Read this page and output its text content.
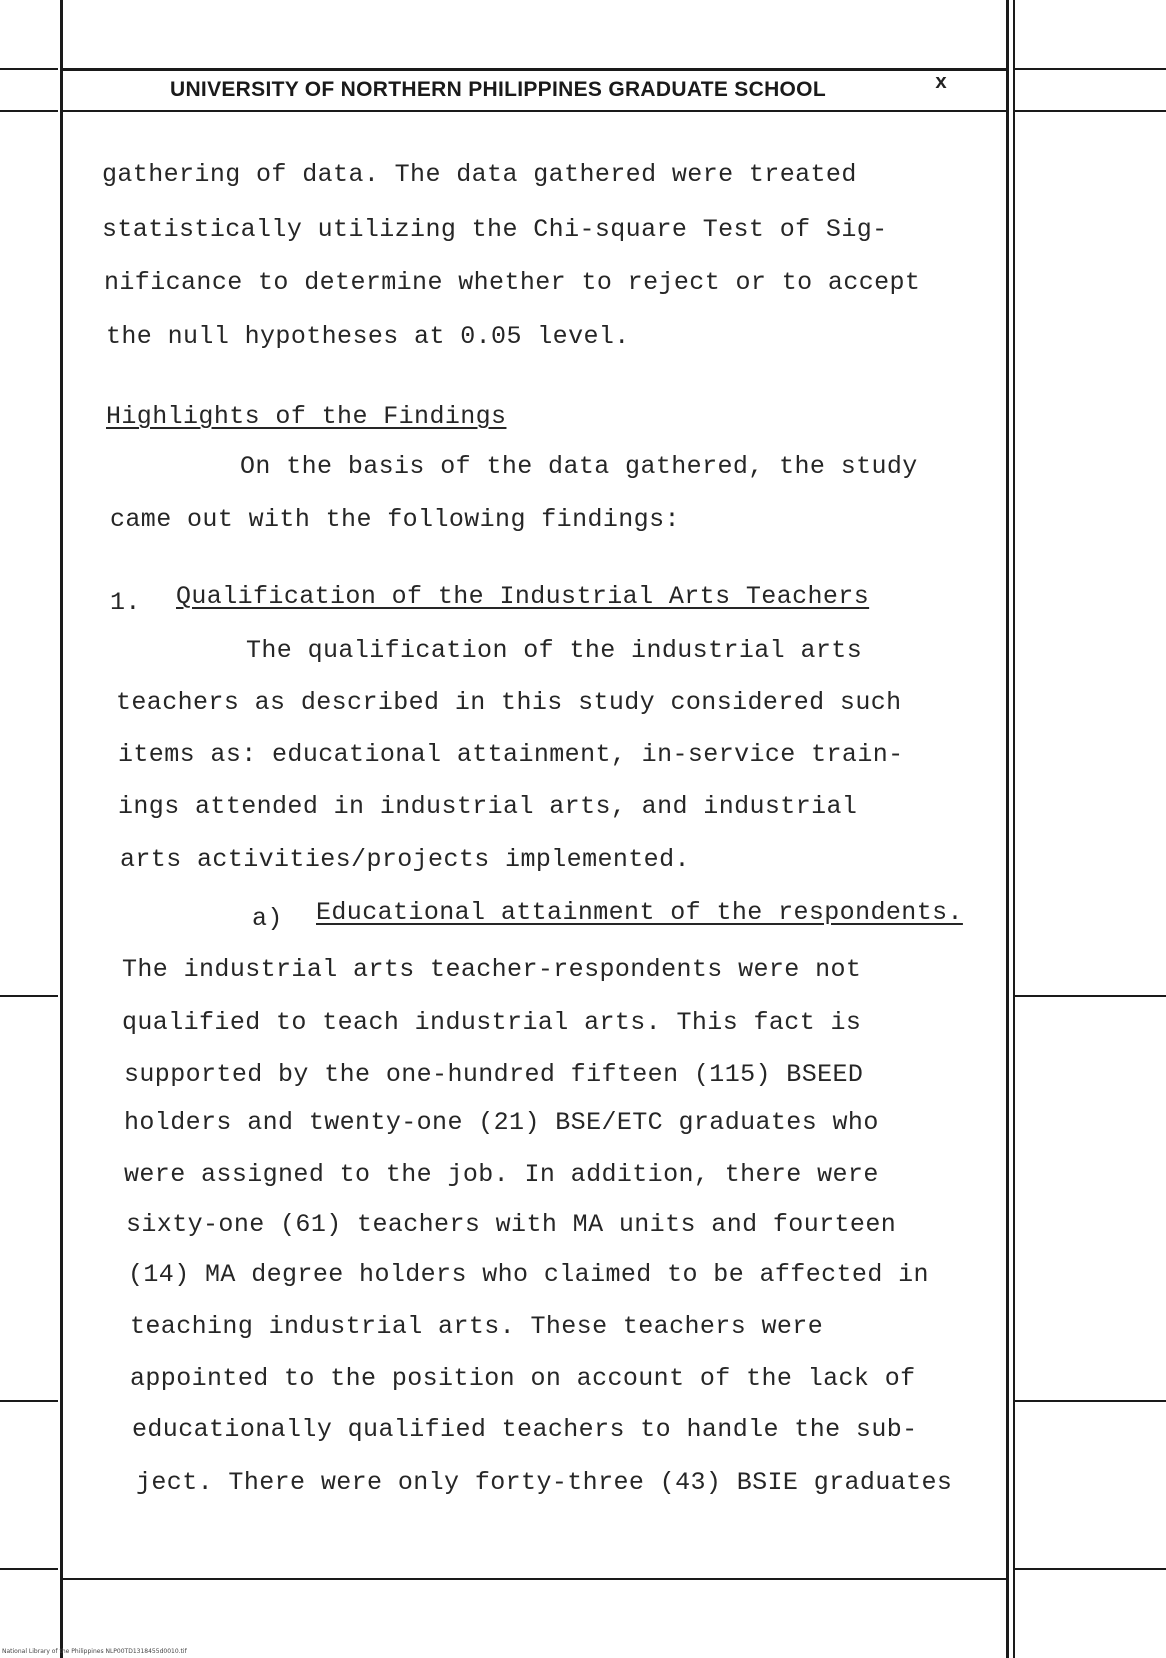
UNIVERSITY OF NORTHERN PHILIPPINES GRADUATE SCHOOL	x
gathering of data. The data gathered were treated
statistically utilizing the Chi-square Test of Sig-
nificance to determine whether to reject or to accept
the null hypotheses at 0.05 level.
Highlights of the Findings
On the basis of the data gathered, the study
came out with the following findings:
1. Qualification of the Industrial Arts Teachers
The qualification of the industrial arts
teachers as described in this study considered such
items as: educational attainment, in-service train-
ings attended in industrial arts, and industrial
arts activities/projects implemented.
a) Educational attainment of the respondents.
The industrial arts teacher-respondents were not
qualified to teach industrial arts. This fact is
supported by the one-hundred fifteen (115) BSEED
holders and twenty-one (21) BSE/ETC graduates who
were assigned to the job. In addition, there were
sixty-one (61) teachers with MA units and fourteen
(14) MA degree holders who claimed to be affected in
teaching industrial arts. These teachers were
appointed to the position on account of the lack of
educationally qualified teachers to handle the sub-
ject. There were only forty-three (43) BSIE graduates
National Library of the Philippines NLP00TD1318455d0010.tif
